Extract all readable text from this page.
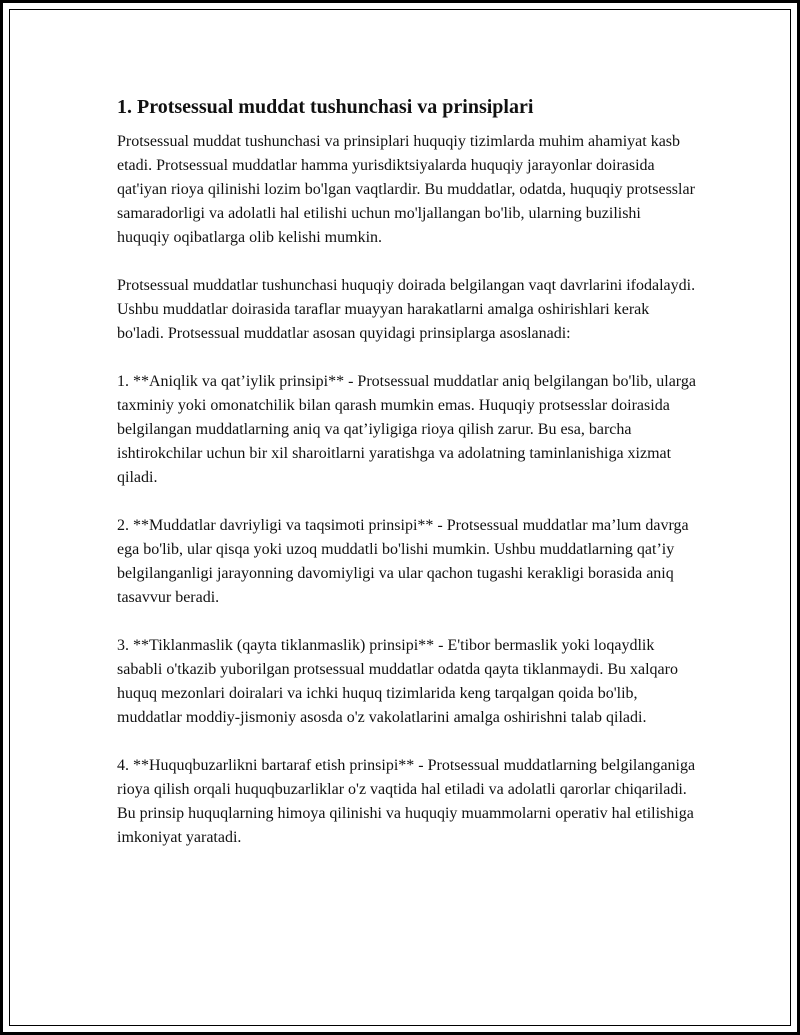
1. Protsessual muddat tushunchasi va prinsiplari

Protsessual muddat tushunchasi va prinsiplari huquqiy tizimlarda muhim ahamiyat kasb etadi. Protsessual muddatlar hamma yurisdiktsiyalarda huquqiy jarayonlar doirasida qat'iyan rioya qilinishi lozim bo'lgan vaqtlardir. Bu muddatlar, odatda, huquqiy protsesslar samaradorligi va adolatli hal etilishi uchun mo'ljallangan bo'lib, ularning buzilishi huquqiy oqibatlarga olib kelishi mumkin.

Protsessual muddatlar tushunchasi huquqiy doirada belgilangan vaqt davrlarini ifodalaydi. Ushbu muddatlar doirasida taraflar muayyan harakatlarni amalga oshirishlari kerak bo'ladi. Protsessual muddatlar asosan quyidagi prinsiplarga asoslanadi:

1. **Aniqlik va qat’iylik prinsipi** - Protsessual muddatlar aniq belgilangan bo'lib, ularga taxminiy yoki omonatchilik bilan qarash mumkin emas. Huquqiy protsesslar doirasida belgilangan muddatlarning aniq va qat’iyligiga rioya qilish zarur. Bu esa, barcha ishtirokchilar uchun bir xil sharoitlarni yaratishga va adolatning taminlanishiga xizmat qiladi.

2. **Muddatlar davriyligi va taqsimoti prinsipi** - Protsessual muddatlar ma’lum davrga ega bo'lib, ular qisqa yoki uzoq muddatli bo'lishi mumkin. Ushbu muddatlarning qat’iy belgilanganligi jarayonning davomiyligi va ular qachon tugashi kerakligi borasida aniq tasavvur beradi.

3. **Tiklanmaslik (qayta tiklanmaslik) prinsipi** - E'tibor bermaslik yoki loqaydlik sababli o'tkazib yuborilgan protsessual muddatlar odatda qayta tiklanmaydi. Bu xalqaro huquq mezonlari doiralari va ichki huquq tizimlarida keng tarqalgan qoida bo'lib, muddatlar moddiy-jismoniy asosda o'z vakolatlarini amalga oshirishni talab qiladi.

4. **Huquqbuzarlikni bartaraf etish prinsipi** - Protsessual muddatlarning belgilanganiga rioya qilish orqali huquqbuzarliklar o'z vaqtida hal etiladi va adolatli qarorlar chiqariladi. Bu prinsip huquqlarning himoya qilinishi va huquqiy muammolarni operativ hal etilishiga imkoniyat yaratadi.
